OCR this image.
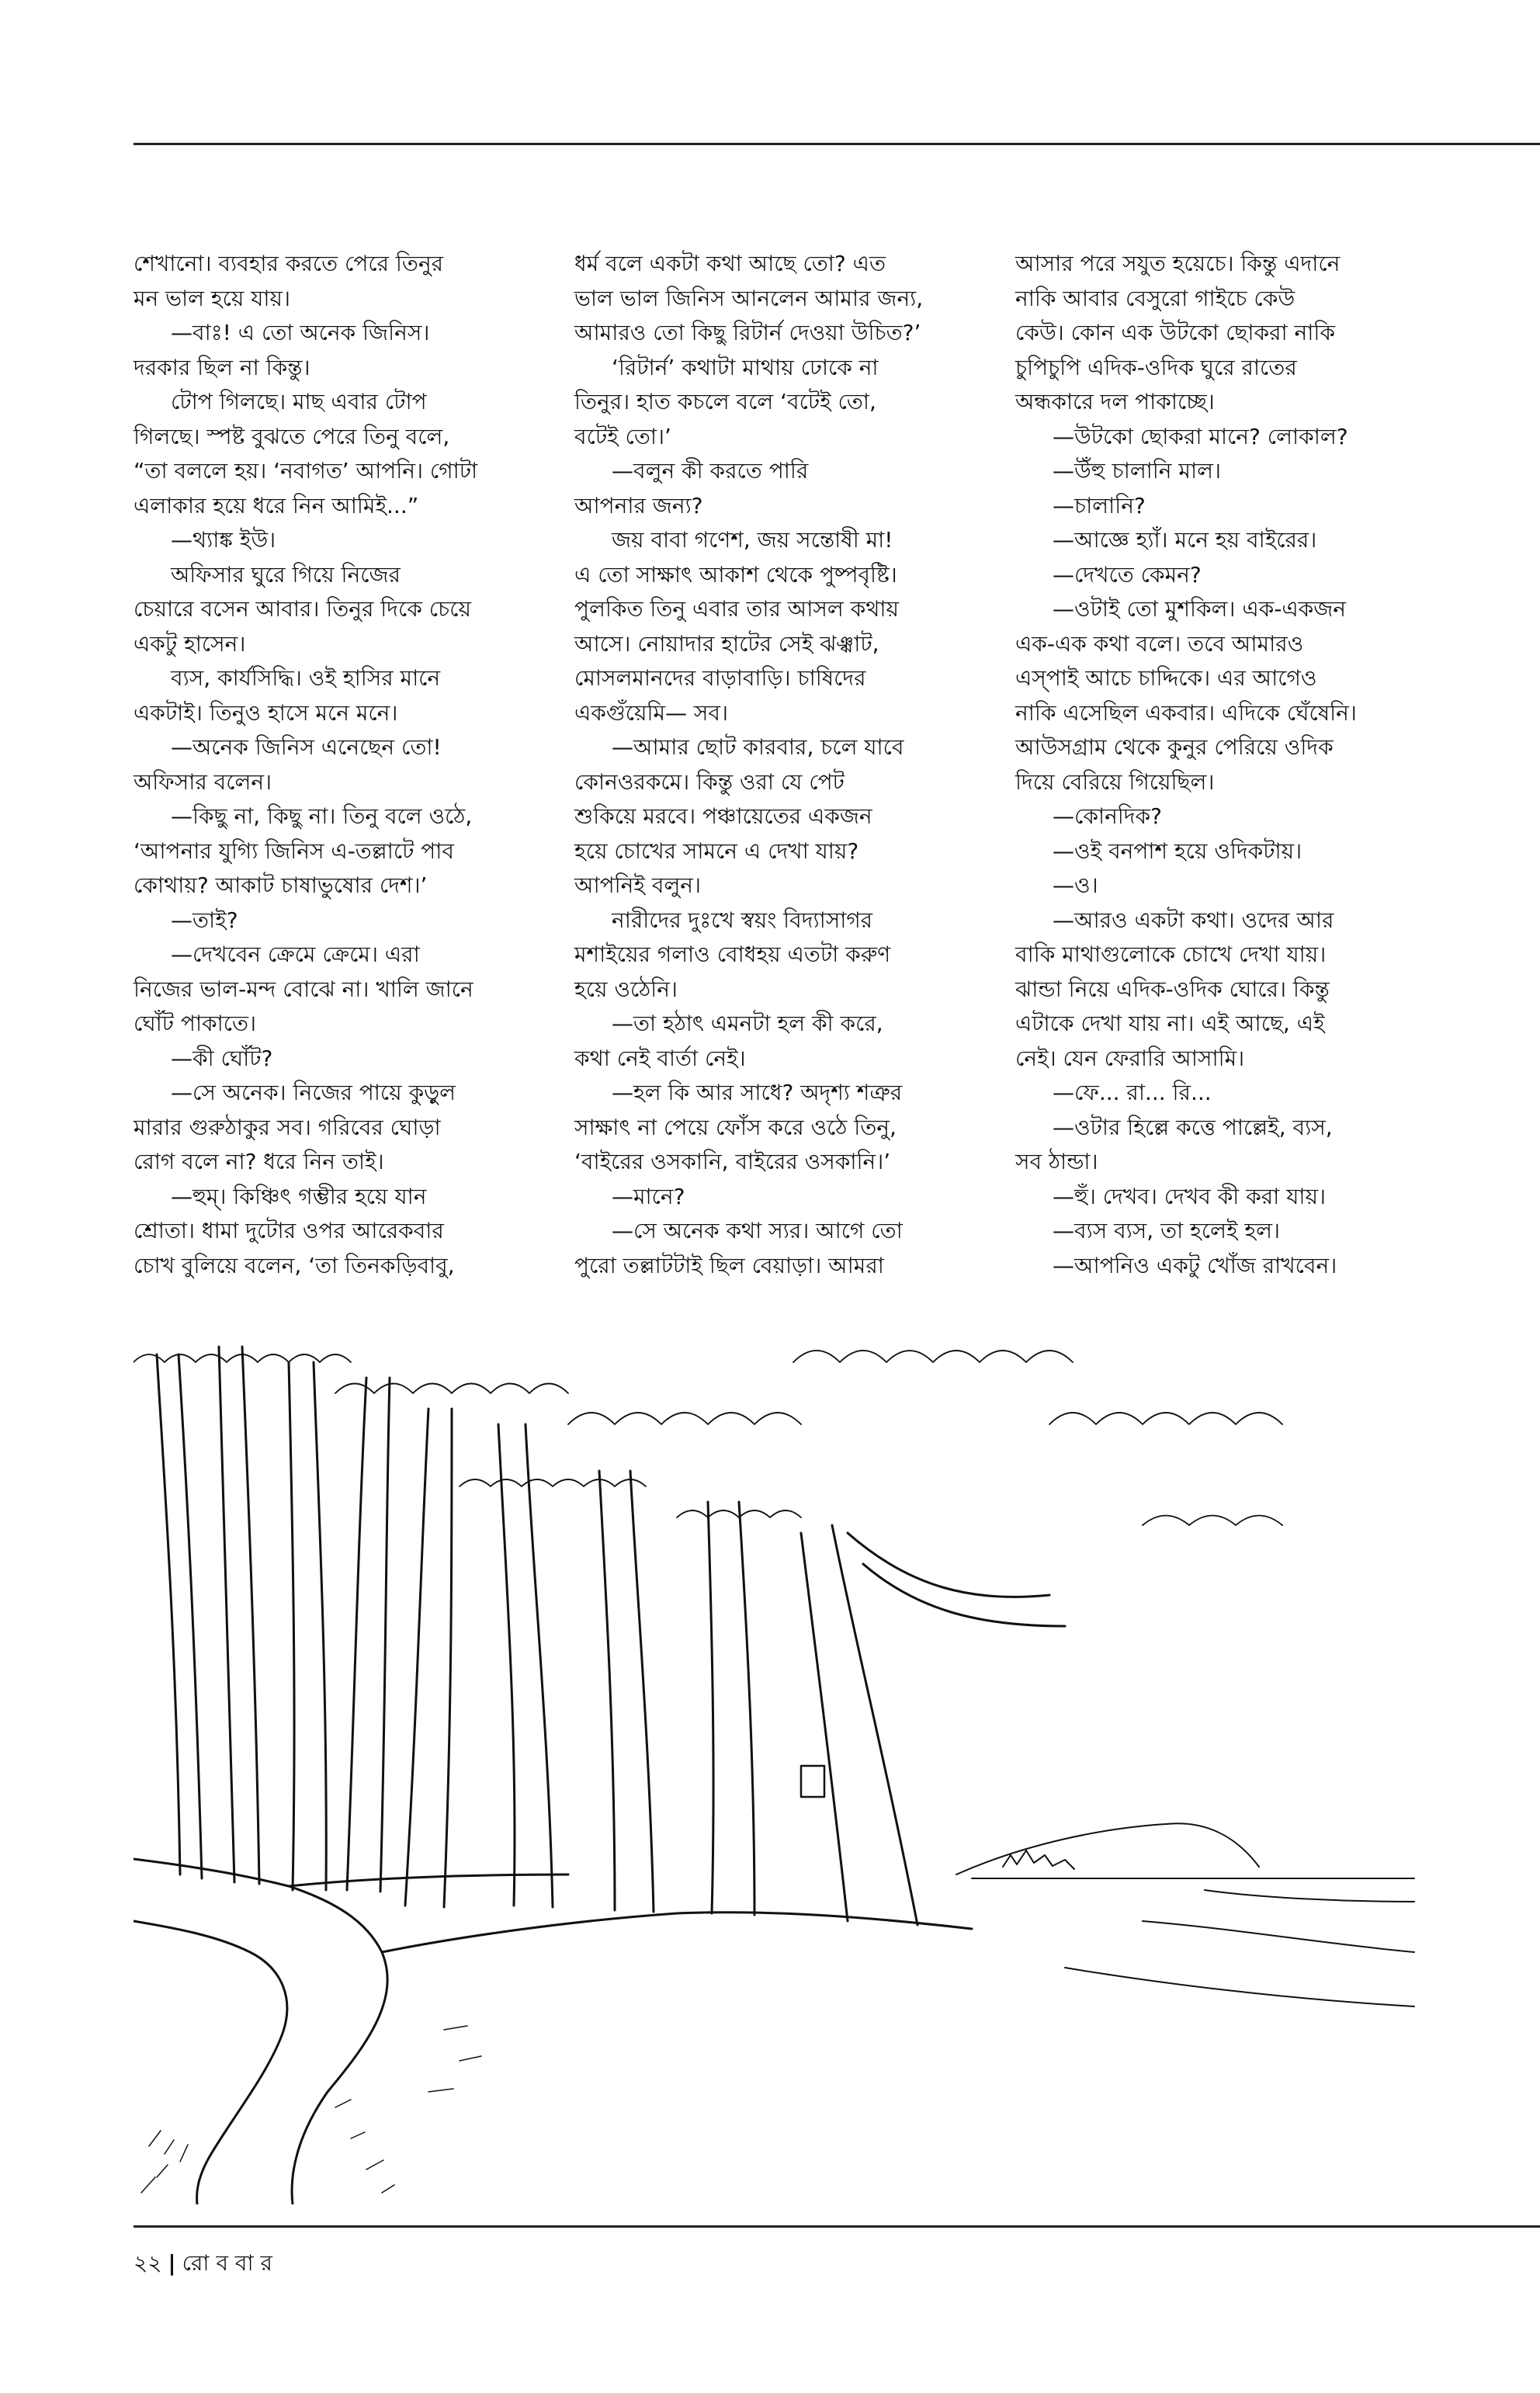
শেখানো। ব্যবহার করতে পেরে তিনুর

মন ভাল হয়ে যায়।

—বাঃ! এ তো অনেক জিনিস।

দরকার ছিল না কিন্তু।

টোপ গিলছে। মাছ এবার টোপ

গিলছে। স্পষ্ট বুঝতে পেরে তিনু বলে,

“তা বললে হয়। ‘নবাগত’ আপনি। গোটা

এলাকার হয়ে ধরে নিন আমিই...”

—থ্যাঙ্ক ইউ।

অফিসার ঘুরে গিয়ে নিজের

চেয়ারে বসেন আবার। তিনুর দিকে চেয়ে

একটু হাসেন।

ব্যস, কার্যসিদ্ধি। ওই হাসির মানে

একটাই। তিনুও হাসে মনে মনে।

—অনেক জিনিস এনেছেন তো!

অফিসার বলেন।

—কিছু না, কিছু না। তিনু বলে ওঠে,

‘আপনার যুগ্যি জিনিস এ-তল্লাটে পাব

কোথায়? আকাট চাষাভুষোর দেশ।’

—তাই?

—দেখবেন ক্রেমে ক্রেমে। এরা

নিজের ভাল-মন্দ বোঝে না। খালি জানে

ঘোঁট পাকাতে।

—কী ঘোঁট?

—সে অনেক। নিজের পায়ে কুড়ুল

মারার গুরুঠাকুর সব। গরিবের ঘোড়া

রোগ বলে না? ধরে নিন তাই।

—হুম্। কিঞ্চিৎ গম্ভীর হয়ে যান

শ্রোতা। ধামা দুটোর ওপর আরেকবার

চোখ বুলিয়ে বলেন, ‘তা তিনকড়িবাবু,

ধর্ম বলে একটা কথা আছে তো? এত

ভাল ভাল জিনিস আনলেন আমার জন্য,

আমারও তো কিছু রিটার্ন দেওয়া উচিত?’

‘রিটার্ন’ কথাটা মাথায় ঢোকে না

তিনুর। হাত কচলে বলে ‘বটেই তো,

বটেই তো।’

—বলুন কী করতে পারি

আপনার জন্য?

জয় বাবা গণেশ, জয় সন্তোষী মা!

এ তো সাক্ষাৎ আকাশ থেকে পুষ্পবৃষ্টি।

পুলকিত তিনু এবার তার আসল কথায়

আসে। নোয়াদার হাটের সেই ঝঞ্ঝাট,

মোসলমানদের বাড়াবাড়ি। চাষিদের

একগুঁয়েমি— সব।

—আমার ছোট কারবার, চলে যাবে

কোনওরকমে। কিন্তু ওরা যে পেট

শুকিয়ে মরবে। পঞ্চায়েতের একজন

হয়ে চোখের সামনে এ দেখা যায়?

আপনিই বলুন।

নারীদের দুঃখে স্বয়ং বিদ্যাসাগর

মশাইয়ের গলাও বোধহয় এতটা করুণ

হয়ে ওঠেনি।

—তা হঠাৎ এমনটা হল কী করে,

কথা নেই বার্তা নেই।

—হল কি আর সাধে? অদৃশ্য শত্রুর

সাক্ষাৎ না পেয়ে ফোঁস করে ওঠে তিনু,

‘বাইরের ওসকানি, বাইরের ওসকানি।’

—মানে?

—সে অনেক কথা স্যর। আগে তো

পুরো তল্লাটটাই ছিল বেয়াড়া। আমরা

আসার পরে সযুত হয়েচে। কিন্তু এদানে

নাকি আবার বেসুরো গাইচে কেউ

কেউ। কোন এক উটকো ছোকরা নাকি

চুপিচুপি এদিক-ওদিক ঘুরে রাতের

অন্ধকারে দল পাকাচ্ছে।

—উটকো ছোকরা মানে? লোকাল?

—উঁহু চালানি মাল।

—চালানি?

—আজ্ঞে হ্যাঁ। মনে হয় বাইরের।

—দেখতে কেমন?

—ওটাই তো মুশকিল। এক-একজন

এক-এক কথা বলে। তবে আমারও

এস্‌পাই আচে চাদ্দিকে। এর আগেও

নাকি এসেছিল একবার। এদিকে ঘেঁষেনি।

আউসগ্রাম থেকে কুনুর পেরিয়ে ওদিক

দিয়ে বেরিয়ে গিয়েছিল।

—কোনদিক?

—ওই বনপাশ হয়ে ওদিকটায়।

—ও।

—আরও একটা কথা। ওদের আর

বাকি মাথাগুলোকে চোখে দেখা যায়।

ঝান্ডা নিয়ে এদিক-ওদিক ঘোরে। কিন্তু

এটাকে দেখা যায় না। এই আছে, এই

নেই। যেন ফেরারি আসামি।

—ফে... রা... রি...

—ওটার হিল্লে কত্তে পাল্লেই, ব্যস,

সব ঠান্ডা।

—হুঁ। দেখব। দেখব কী করা যায়।

—ব্যস ব্যস, তা হলেই হল।

—আপনিও একটু খোঁজ রাখবেন।

২২ | রো ব বা র
